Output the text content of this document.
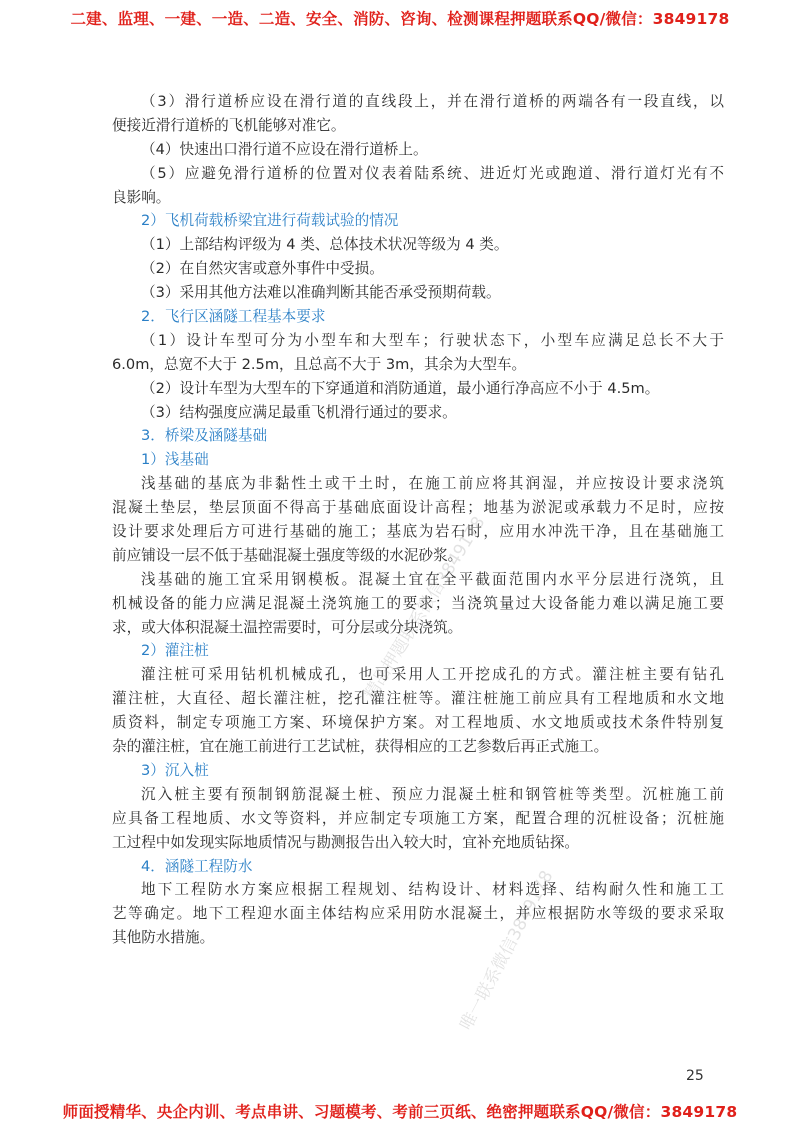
二建、监理、一建、一造、二造、安全、消防、咨询、检测课程押题联系QQ/微信：3849178
（3）滑行道桥应设在滑行道的直线段上，并在滑行道桥的两端各有一段直线，以
便接近滑行道桥的飞机能够对准它。
（4）快速出口滑行道不应设在滑行道桥上。
（5）应避免滑行道桥的位置对仪表着陆系统、进近灯光或跑道、滑行道灯光有不
良影响。
2）飞机荷载桥梁宜进行荷载试验的情况
（1）上部结构评级为 4 类、总体技术状况等级为 4 类。
（2）在自然灾害或意外事件中受损。
（3）采用其他方法难以准确判断其能否承受预期荷载。
2．飞行区涵隧工程基本要求
（1）设计车型可分为小型车和大型车；行驶状态下，小型车应满足总长不大于
6.0m，总宽不大于 2.5m，且总高不大于 3m，其余为大型车。
（2）设计车型为大型车的下穿通道和消防通道，最小通行净高应不小于 4.5m。
（3）结构强度应满足最重飞机滑行通过的要求。
3．桥梁及涵隧基础
1）浅基础
浅基础的基底为非黏性土或干土时，在施工前应将其润湿，并应按设计要求浇筑
混凝土垫层，垫层顶面不得高于基础底面设计高程；地基为淤泥或承载力不足时，应按
设计要求处理后方可进行基础的施工；基底为岩石时，应用水冲洗干净，且在基础施工
前应铺设一层不低于基础混凝土强度等级的水泥砂浆。
浅基础的施工宜采用钢模板。混凝土宜在全平截面范围内水平分层进行浇筑，且
机械设备的能力应满足混凝土浇筑施工的要求；当浇筑量过大设备能力难以满足施工要
求，或大体积混凝土温控需要时，可分层或分块浇筑。
2）灌注桩
灌注桩可采用钻机机械成孔，也可采用人工开挖成孔的方式。灌注桩主要有钻孔
灌注桩，大直径、超长灌注桩，挖孔灌注桩等。灌注桩施工前应具有工程地质和水文地
质资料，制定专项施工方案、环境保护方案。对工程地质、水文地质或技术条件特别复
杂的灌注桩，宜在施工前进行工艺试桩，获得相应的工艺参数后再正式施工。
3）沉入桩
沉入桩主要有预制钢筋混凝土桩、预应力混凝土桩和钢管桩等类型。沉桩施工前
应具备工程地质、水文等资料，并应制定专项施工方案，配置合理的沉桩设备；沉桩施
工过程中如发现实际地质情况与勘测报告出入较大时，宜补充地质钻探。
4．涵隧工程防水
地下工程防水方案应根据工程规划、结构设计、材料选择、结构耐久性和施工工
艺等确定。地下工程迎水面主体结构应采用防水混凝土，并应根据防水等级的要求采取
其他防水措施。
精品押题联系微信3849178
唯一联系微信3849178
25
师面授精华、央企内训、考点串讲、习题模考、考前三页纸、绝密押题联系QQ/微信：3849178
